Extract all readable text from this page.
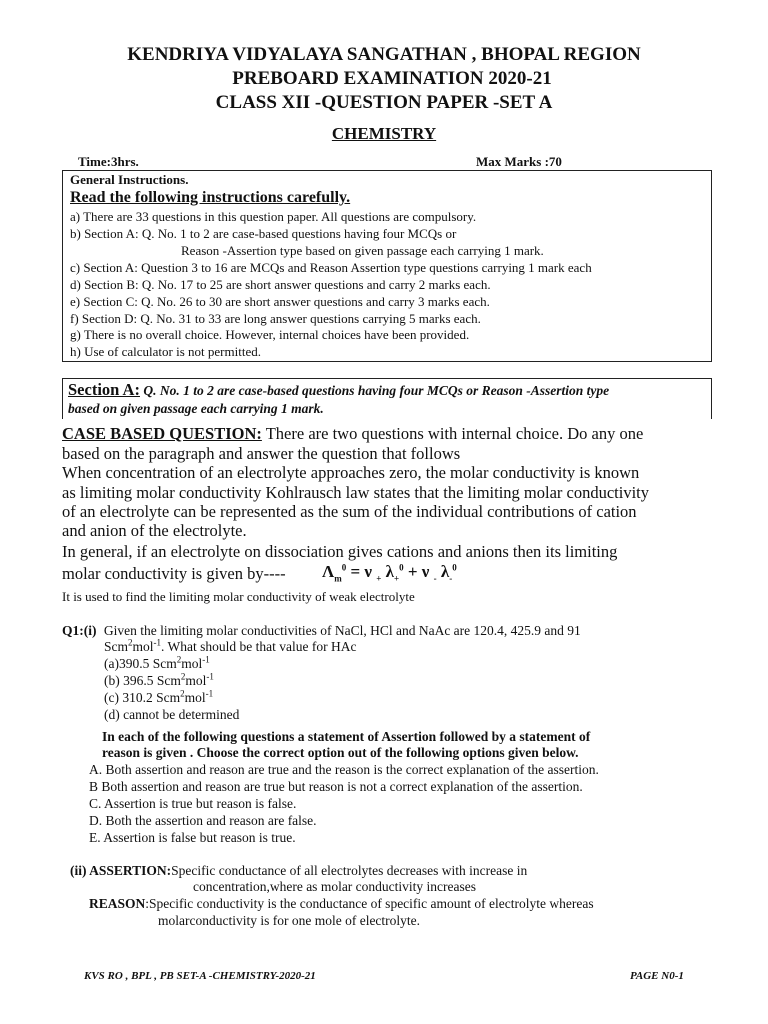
KENDRIYA VIDYALAYA SANGATHAN , BHOPAL REGION
PREBOARD EXAMINATION 2020-21
CLASS XII -QUESTION PAPER -SET A
CHEMISTRY
Time:3hrs.	Max Marks :70
General Instructions.
Read the following instructions carefully.
a) There are 33 questions in this question paper. All questions are compulsory.
b) Section A: Q. No. 1 to 2 are case-based questions having four MCQs or
Reason -Assertion type based on given passage each carrying 1 mark.
c) Section A: Question 3 to 16 are MCQs and Reason Assertion type questions carrying 1 mark each
d) Section B: Q. No. 17 to 25 are short answer questions and carry 2 marks each.
e) Section C: Q. No. 26 to 30 are short answer questions and carry 3 marks each.
f) Section D: Q. No. 31 to 33 are long answer questions carrying 5 marks each.
g) There is no overall choice. However, internal choices have been provided.
h) Use of calculator is not permitted.
Section A: Q. No. 1 to 2 are case-based questions having four MCQs or Reason -Assertion type
based on given passage each carrying 1 mark.
CASE BASED QUESTION: There are two questions with internal choice. Do any one
based on the paragraph and answer the question that follows
When concentration of an electrolyte approaches zero, the molar conductivity is known
as limiting molar conductivity Kohlrausch law states that the limiting molar conductivity
of an electrolyte can be represented as the sum of the individual contributions of cation
and anion of the electrolyte.
In general, if an electrolyte on dissociation gives cations and anions then its limiting
molar conductivity is given by---- $\Lambda_m^0 = \nu$ $_+$ $\lambda_+^0 + \nu$ $_-$ $\lambda_-^0$
It is used to find the limiting molar conductivity of weak electrolyte
Q1:(i) Given the limiting molar conductivities of NaCl, HCl and NaAc are 120.4, 425.9 and 91
Scm$^2$mol$^{-1}$. What should be that value for HAc
(a)390.5 Scm$^2$mol$^{-1}$
(b) 396.5 Scm$^2$mol$^{-1}$
(c) 310.2 Scm$^2$mol$^{-1}$
(d) cannot be determined
In each of the following questions a statement of Assertion followed by a statement of
reason is given . Choose the correct option out of the following options given below.
A. Both assertion and reason are true and the reason is the correct explanation of the assertion.
B Both assertion and reason are true but reason is not a correct explanation of the assertion.
C. Assertion is true but reason is false.
D. Both the assertion and reason are false.
E. Assertion is false but reason is true.
(ii) ASSERTION:Specific conductance of all electrolytes decreases with increase in
concentration,where as molar conductivity increases
REASON:Specific conductivity is the conductance of specific amount of electrolyte whereas
molarconductivity is for one mole of electrolyte.
KVS RO , BPL , PB SET-A -CHEMISTRY-2020-21	PAGE N0-1
